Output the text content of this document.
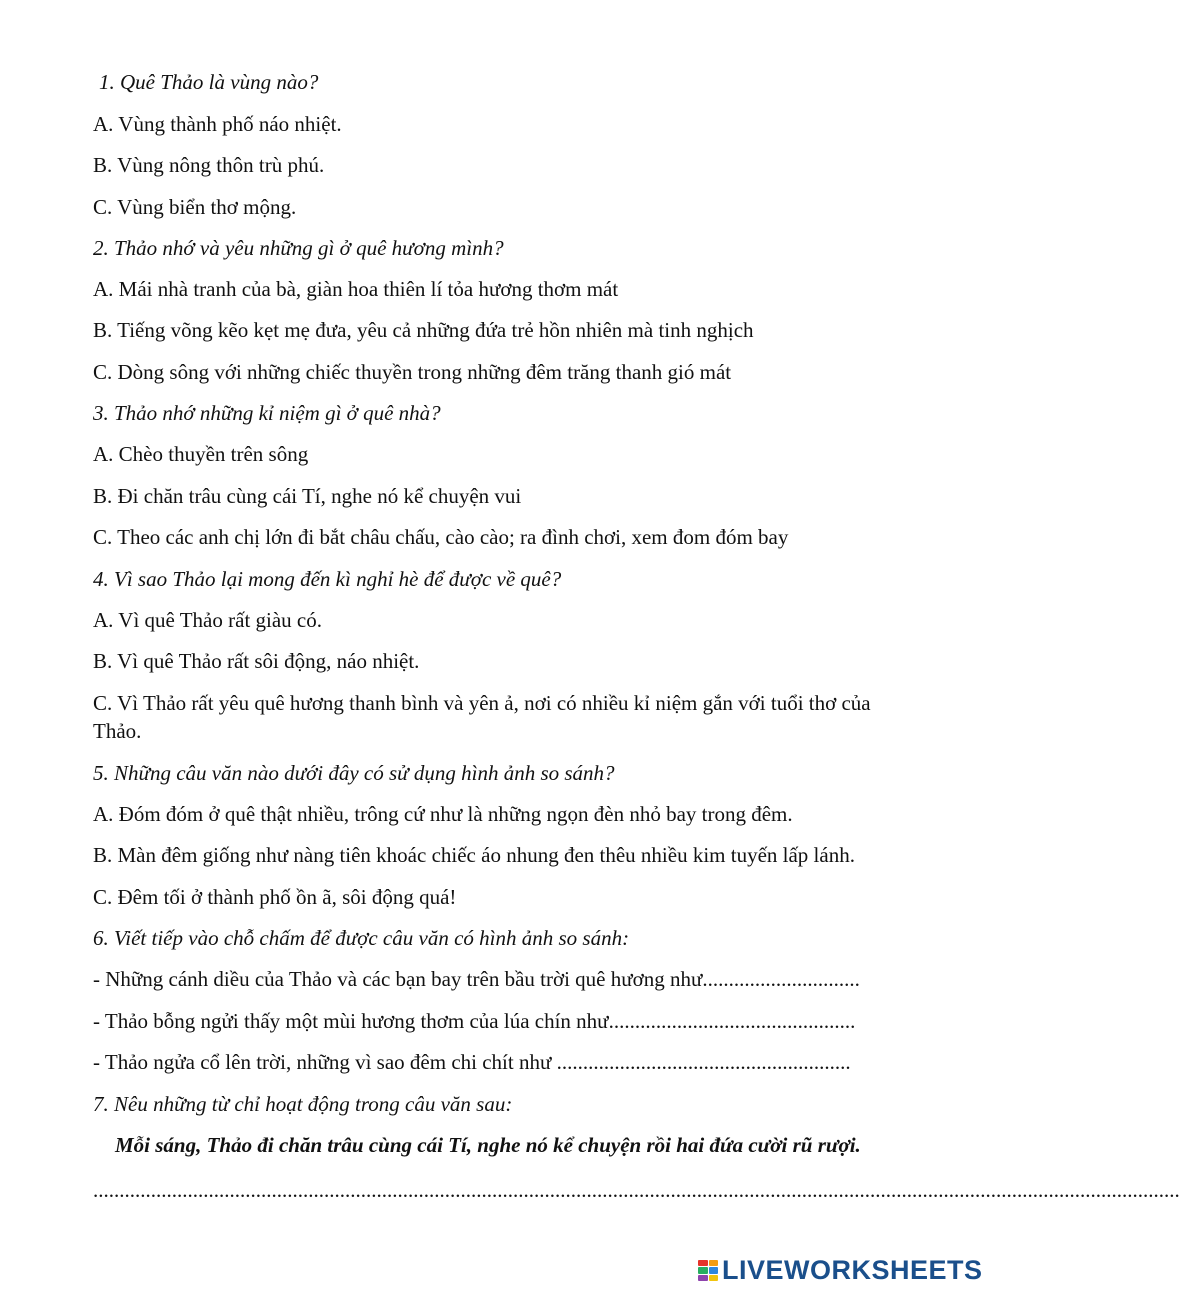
1. Quê Thảo là vùng nào?
A. Vùng thành phố náo nhiệt.
B. Vùng nông thôn trù phú.
C. Vùng biển thơ mộng.
2. Thảo nhớ và yêu những gì ở quê hương mình?
A. Mái nhà tranh của bà, giàn hoa thiên lí tỏa hương thơm mát
B. Tiếng võng kẽo kẹt mẹ đưa, yêu cả những đứa trẻ hồn nhiên mà tinh nghịch
C. Dòng sông với những chiếc thuyền trong những đêm trăng thanh gió mát
3. Thảo nhớ những kỉ niệm gì ở quê nhà?
A. Chèo thuyền trên sông
B. Đi chăn trâu cùng cái Tí, nghe nó kể chuyện vui
C. Theo các anh chị lớn đi bắt châu chấu, cào cào; ra đình chơi, xem đom đóm bay
4. Vì sao Thảo lại mong đến kì nghỉ hè để được về quê?
A. Vì quê Thảo rất giàu có.
B. Vì quê Thảo rất sôi động, náo nhiệt.
C. Vì Thảo rất yêu quê hương thanh bình và yên ả, nơi có nhiều kỉ niệm gắn với tuổi thơ của Thảo.
5. Những câu văn nào dưới đây có sử dụng hình ảnh so sánh?
A. Đóm đóm ở quê thật nhiều, trông cứ như là những ngọn đèn nhỏ bay trong đêm.
B. Màn đêm giống như nàng tiên khoác chiếc áo nhung đen thêu nhiều kim tuyến lấp lánh.
C. Đêm tối ở thành phố ồn ã, sôi động quá!
6. Viết tiếp vào chỗ chấm để được câu văn có hình ảnh so sánh:
- Những cánh diều của Thảo và các bạn bay trên bầu trời quê hương như..............................
- Thảo bỗng ngửi thấy một mùi hương thơm của lúa chín như...............................................
- Thảo ngửa cổ lên trời, những vì sao đêm chi chít như ........................................................
7. Nêu những từ chỉ hoạt động trong câu văn sau:
Mỗi sáng, Thảo đi chăn trâu cùng cái Tí, nghe nó kể chuyện rồi hai đứa cười rũ rượi.
...............................................................................................................................................................................................................
LIVEWORKSHEETS
